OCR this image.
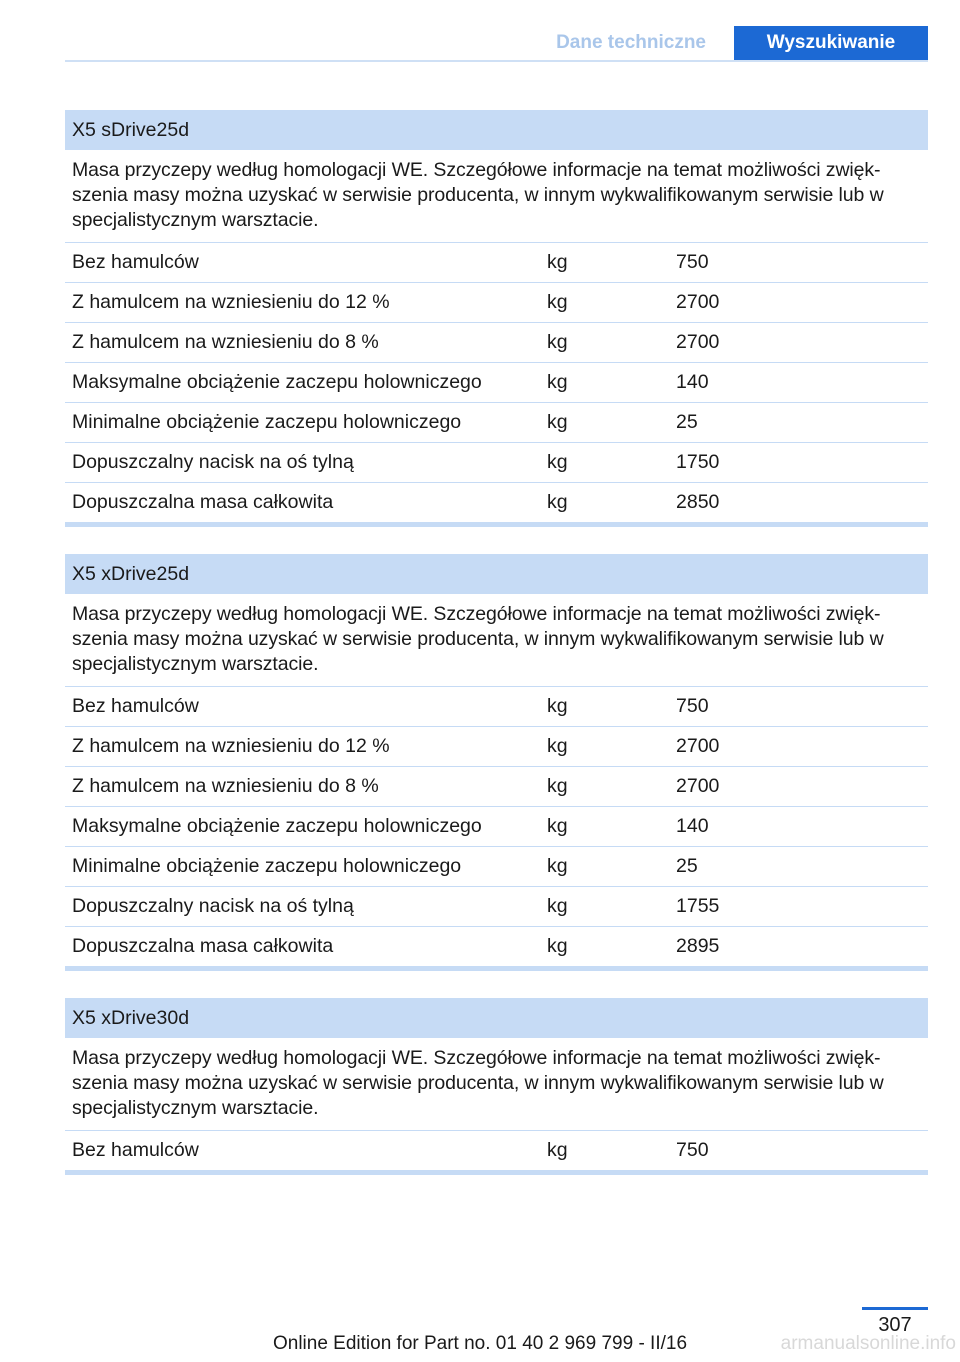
Dane techniczne	Wyszukiwanie
X5 sDrive25d
Masa przyczepy według homologacji WE. Szczegółowe informacje na temat możliwości zwięk-szenia masy można uzyskać w serwisie producenta, w innym wykwalifikowanym serwisie lub w specjalistycznym warsztacie.
Bez hamulców	kg	750
Z hamulcem na wzniesieniu do 12 %	kg	2700
Z hamulcem na wzniesieniu do 8 %	kg	2700
Maksymalne obciążenie zaczepu holowniczego	kg	140
Minimalne obciążenie zaczepu holowniczego	kg	25
Dopuszczalny nacisk na oś tylną	kg	1750
Dopuszczalna masa całkowita	kg	2850
X5 xDrive25d
Masa przyczepy według homologacji WE. Szczegółowe informacje na temat możliwości zwięk-szenia masy można uzyskać w serwisie producenta, w innym wykwalifikowanym serwisie lub w specjalistycznym warsztacie.
Bez hamulców	kg	750
Z hamulcem na wzniesieniu do 12 %	kg	2700
Z hamulcem na wzniesieniu do 8 %	kg	2700
Maksymalne obciążenie zaczepu holowniczego	kg	140
Minimalne obciążenie zaczepu holowniczego	kg	25
Dopuszczalny nacisk na oś tylną	kg	1755
Dopuszczalna masa całkowita	kg	2895
X5 xDrive30d
Masa przyczepy według homologacji WE. Szczegółowe informacje na temat możliwości zwięk-szenia masy można uzyskać w serwisie producenta, w innym wykwalifikowanym serwisie lub w specjalistycznym warsztacie.
Bez hamulców	kg	750
307
Online Edition for Part no. 01 40 2 969 799 - II/16	armanualsonline.info
